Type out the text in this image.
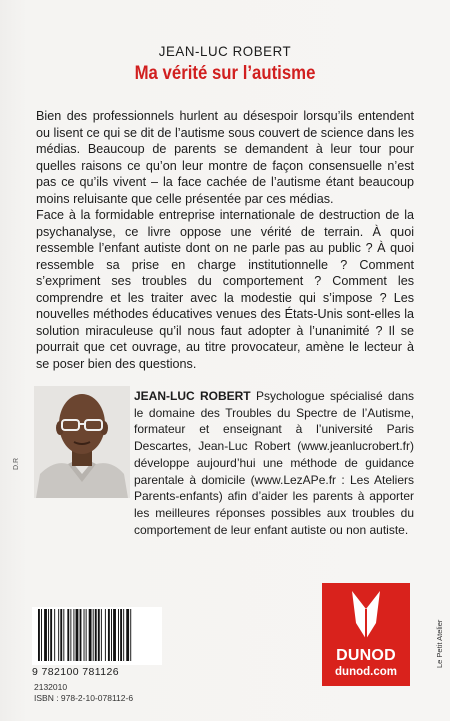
JEAN-LUC ROBERT
Ma vérité sur l’autisme

Bien des professionnels hurlent au désespoir lorsqu’ils entendent ou lisent ce qui se dit de l’autisme sous couvert de science dans les médias. Beaucoup de parents se demandent à leur tour pour quelles raisons ce qu’on leur montre de façon consensuelle n’est pas ce qu’ils vivent – la face cachée de l’autisme étant beaucoup moins reluisante que celle présentée par ces médias.

Face à la formidable entreprise internationale de destruction de la psychanalyse, ce livre oppose une vérité de terrain. À quoi ressemble l’enfant autiste dont on ne parle pas au public ? À quoi ressemble sa prise en charge institutionnelle ? Comment s’expriment ses troubles du comportement ? Comment les comprendre et les traiter avec la modestie qui s’impose ? Les nouvelles méthodes éducatives venues des États-Unis sont-elles la solution miraculeuse qu’il nous faut adopter à l’unanimité ? Il se pourrait que cet ouvrage, au titre provocateur, amène le lecteur à se poser bien des questions.

JEAN-LUC ROBERT Psychologue spécialisé dans le domaine des Troubles du Spectre de l’Autisme, formateur et enseignant à l’université Paris Descartes, Jean-Luc Robert (www.jeanlucrobert.fr) développe aujourd’hui une méthode de guidance parentale à domicile (www.LezAPe.fr : Les Ateliers Parents-enfants) afin d’aider les parents à apporter les meilleures réponses possibles aux troubles du comportement de leur enfant autiste ou non autiste.
D.R
9 782100 781126
2132010
ISBN : 978-2-10-078112-6
DUNOD
dunod.com
Le Petit Atelier
